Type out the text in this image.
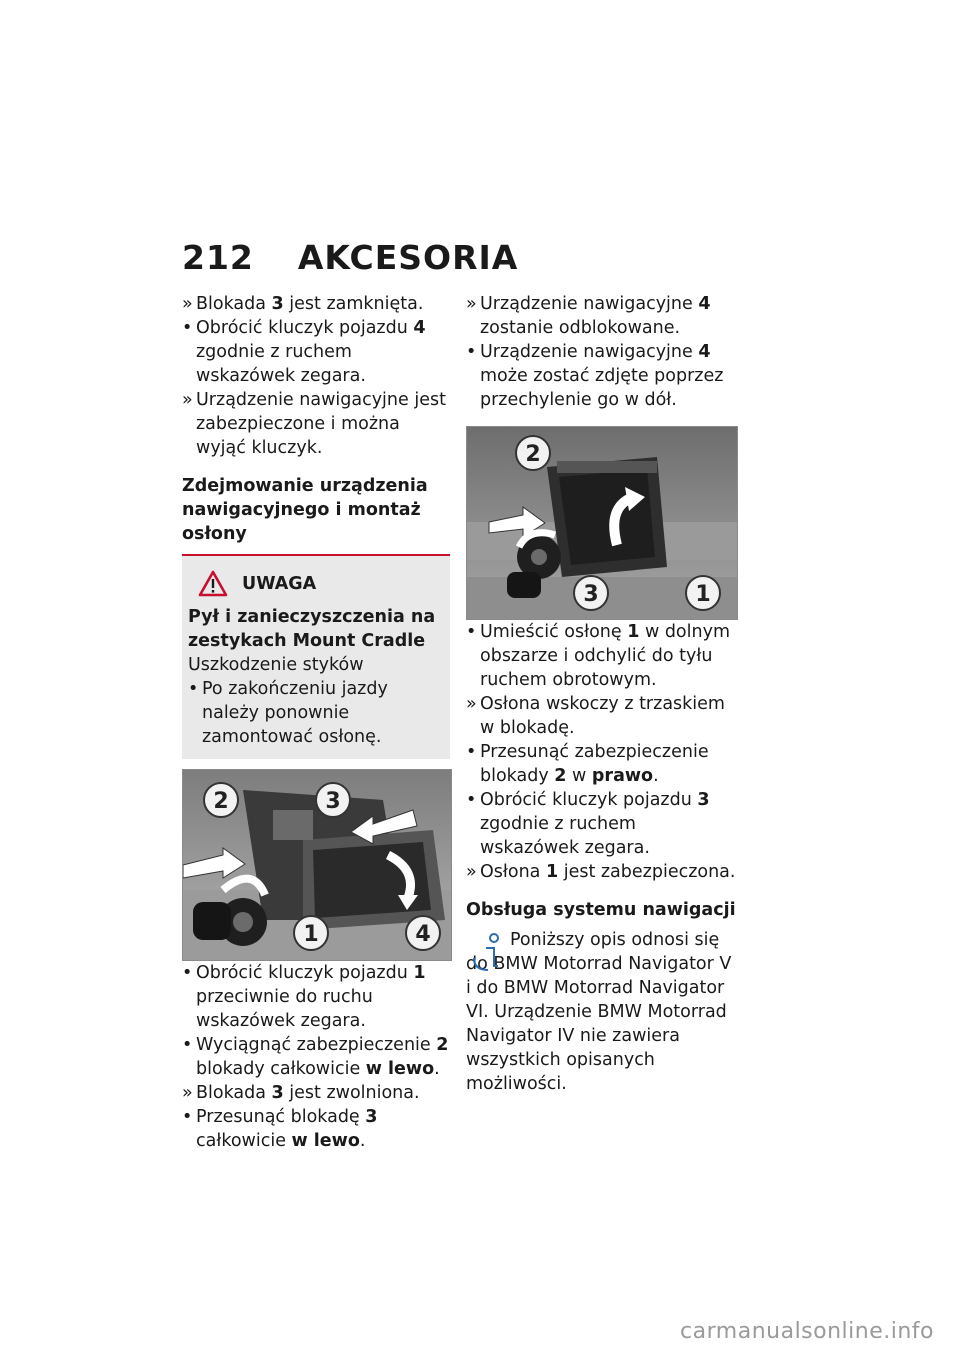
212 AKCESORIA
» Blokada 3 jest zamknięta.
• Obrócić kluczyk pojazdu 4 zgodnie z ruchem wskazówek zegara.
» Urządzenie nawigacyjne jest zabezpieczone i można wyjąć kluczyk.
Zdejmowanie urządzenia nawigacyjnego i montaż osłony
UWAGA

Pył i zanieczyszczenia na zestykach Mount Cradle

Uszkodzenie styków

• Po zakończeniu jazdy należy ponownie zamontować osłonę.
2	3
1	4
• Obrócić kluczyk pojazdu 1 przeciwnie do ruchu wskazówek zegara.
• Wyciągnąć zabezpieczenie 2 blokady całkowicie w lewo.
» Blokada 3 jest zwolniona.
• Przesunąć blokadę 3 całkowicie w lewo.
» Urządzenie nawigacyjne 4 zostanie odblokowane.
• Urządzenie nawigacyjne 4 może zostać zdjęte poprzez przechylenie go w dół.
2
3	1
• Umieścić osłonę 1 w dolnym obszarze i odchylić do tyłu ruchem obrotowym.
» Osłona wskoczy z trzaskiem w blokadę.
• Przesunąć zabezpieczenie blokady 2 w prawo.
• Obrócić kluczyk pojazdu 3 zgodnie z ruchem wskazówek zegara.
» Osłona 1 jest zabezpieczona.
Obsługa systemu nawigacji

Poniższy opis odnosi się do BMW Motorrad Navigator V i do BMW Motorrad Navigator VI. Urządzenie BMW Motorrad Navigator IV nie zawiera wszystkich opisanych możliwości.

carmanualsonline.info
